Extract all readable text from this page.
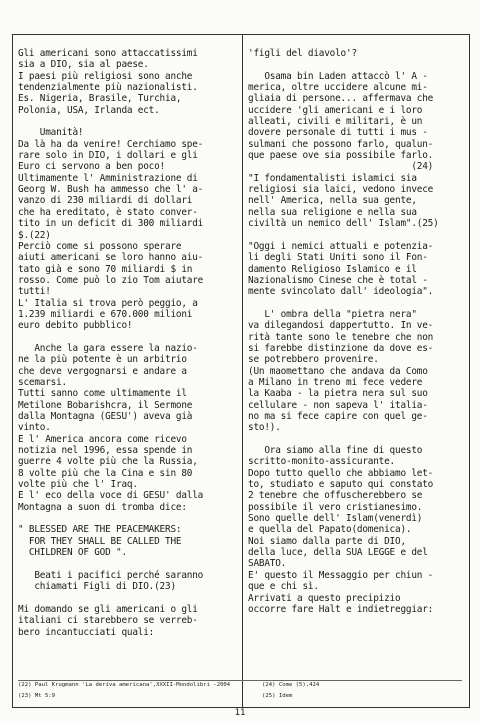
Gli americani sono attaccatissimi
sia a DIO, sia al paese.
I paesi più religiosi sono anche
tendenzialmente più nazionalisti.
Es. Nigeria, Brasile, Turchia,
Polonia, USA, Irlanda ect.
Umanità!
Da là ha da venire! Cerchiamo spe-
rare solo in DIO, i dollari e gli
Euro ci servono a ben poco!
Ultimamente l' Amministrazione di
Georg W. Bush ha ammesso che l' a-
vanzo di 230 miliardi di dollari
che ha ereditato, è stato conver-
tito in un deficit di 300 miliardi
$.(22)
Perciò come si possono sperare
aiuti americani se loro hanno aiu-
tato già e sono 70 miliardi $ in
rosso. Come può lo zio Tom aiutare
tutti!
L' Italia si trova però peggio, a
1.239 miliardi e 670.000 milioni
euro debito pubblico!
Anche la gara essere la nazio-
ne la più potente è un arbitrio
che deve vergognarsi e andare a
scemarsi.
Tutti sanno come ultimamente il
Metilone Bobarishcra, il Sermone
dalla Montagna (GESU') aveva già
vinto.
E l' America ancora come ricevo
notizia nel 1996, essa spende in
guerre 4 volte più che la Russia,
8 volte più che la Cina e sin 80
volte più che l' Iraq.
E l' eco della voce di GESU' dalla
Montagna a suon di tromba dice:
" BLESSED ARE THE PEACEMAKERS:
FOR THEY SHALL BE CALLED THE
CHILDREN OF GOD ".
Beati i pacifici perché saranno
chiamati Figli di DIO.(23)
Mi domando se gli americani o gli
italiani ci starebbero se verreb-
bero incantucciati quali:
'figli del diavolo'?
Osama bin Laden attaccò l' A -
merica, oltre uccidere alcune mi-
gliaia di persone... affermava che
uccidere 'gli americani e i loro
alleati, civili e militari, è un
dovere personale di tutti i mus -
sulmani che possono farlo, qualun-
que paese ove sia possibile farlo.
(24)
"I fondamentalisti islamici sia
religiosi sia laici, vedono invece
nell' America, nella sua gente,
nella sua religione e nella sua
civiltà un nemico dell' Islam".(25)
"Oggi i nemici attuali e potenzia-
li degli Stati Uniti sono il Fon-
damento Religioso Islamico e il
Nazionalismo Cinese che è total -
mente svincolato dall' ideologia".
L' ombra della "pietra nera"
va dilegandosi dappertutto. In ve-
rità tante sono le tenebre che non
si farebbe distinzione da dove es-
se potrebbero provenire.
(Un maomettano che andava da Como
a Milano in treno mi fece vedere
la Kaaba - la pietra nera sul suo
cellulare - non sapeva l' italia-
no ma si fece capire con quel ge-
sto!).
Ora siamo alla fine di questo
scritto-monito-assicurante.
Dopo tutto quello che abbiamo let-
to, studiato e saputo qui constato
2 tenebre che offuscherebbero se
possibile il vero cristianesimo.
Sono quelle dell' Islam(venerdì)
e quella del Papato(domenica).
Noi siamo dalla parte di DIO,
della luce, della SUA LEGGE e del
SABATO.
E' questo il Messaggio per chiun -
que e chi sì.
Arrivati a questo precipizio
occorre fare Halt e indietreggiar:
(22) Paul Krugmann 'La deriva americana',XXXII-Mondolibri -2004
(23) Mt 5:9
(24) Come (5),424
(25) Idem
11
